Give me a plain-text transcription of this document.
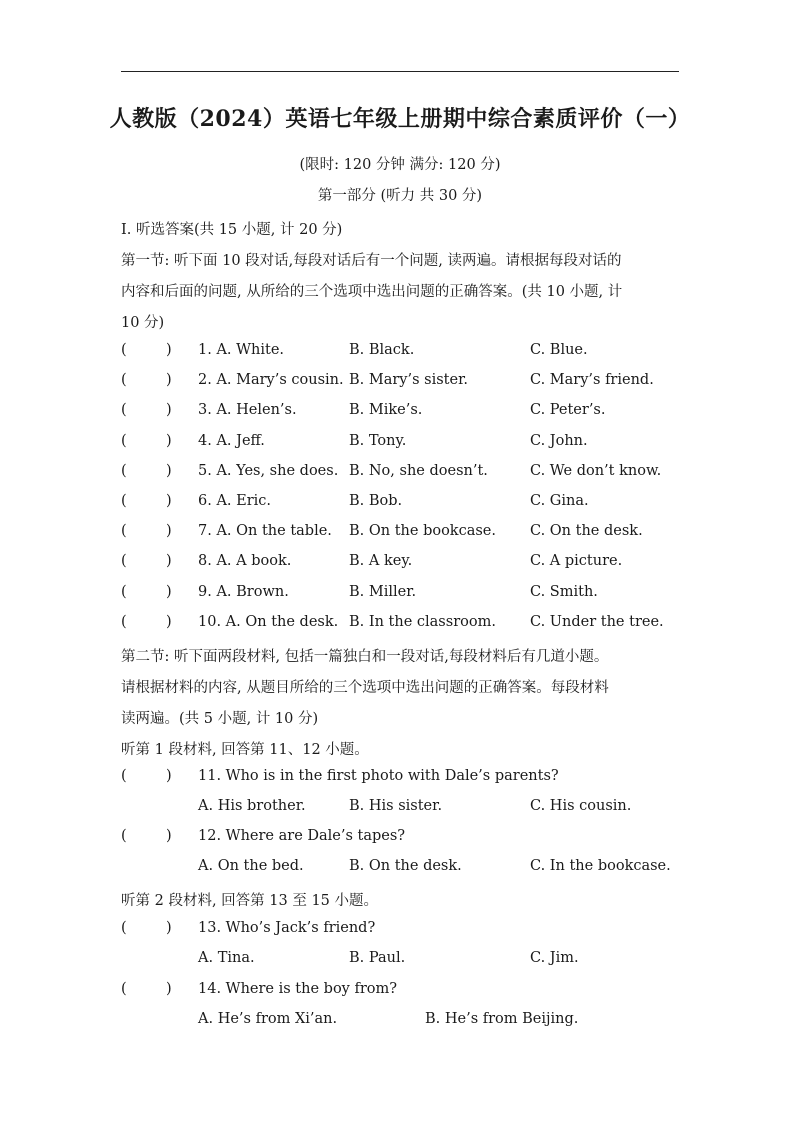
人教版（2024）英语七年级上册期中综合素质评价（一）
(限时: 120 分钟 满分: 120 分)
第一部分 (听力 共 30 分)
I. 听选答案(共 15 小题, 计 20 分)
第一节: 听下面 10 段对话,每段对话后有一个问题, 读两遍。请根据每段对话的
内容和后面的问题, 从所给的三个选项中选出问题的正确答案。(共 10 小题, 计
10 分)
(	) 1. A. White.	B. Black.	C. Blue.
(	) 2. A. Mary’s cousin. B. Mary’s sister.	C. Mary’s friend.
(	) 3. A. Helen’s.	B. Mike’s.	C. Peter’s.
(	) 4. A. Jeff.	B. Tony.	C. John.
(	) 5. A. Yes, she does. B. No, she doesn’t.	C. We don’t know.
(	) 6. A. Eric.	B. Bob.	C. Gina.
(	) 7. A. On the table. B. On the bookcase. C. On the desk.
(	) 8. A. A book.	B. A key.	C. A picture.
(	) 9. A. Brown.	B. Miller.	C. Smith.
(	) 10. A. On the desk. B. In the classroom. C. Under the tree.
第二节: 听下面两段材料, 包括一篇独白和一段对话,每段材料后有几道小题。
请根据材料的内容, 从题目所给的三个选项中选出问题的正确答案。每段材料
读两遍。(共 5 小题, 计 10 分)
听第 1 段材料, 回答第 11、12 小题。
(	) 11. Who is in the first photo with Dale’s parents?
A. His brother.	B. His sister.	C. His cousin.
(	) 12. Where are Dale’s tapes?
A. On the bed.	B. On the desk.	C. In the bookcase.
听第 2 段材料, 回答第 13 至 15 小题。
(	) 13. Who’s Jack’s friend?
A. Tina.	B. Paul.	C. Jim.
(	) 14. Where is the boy from?
A. He’s from Xi’an.	B. He’s from Beijing.
